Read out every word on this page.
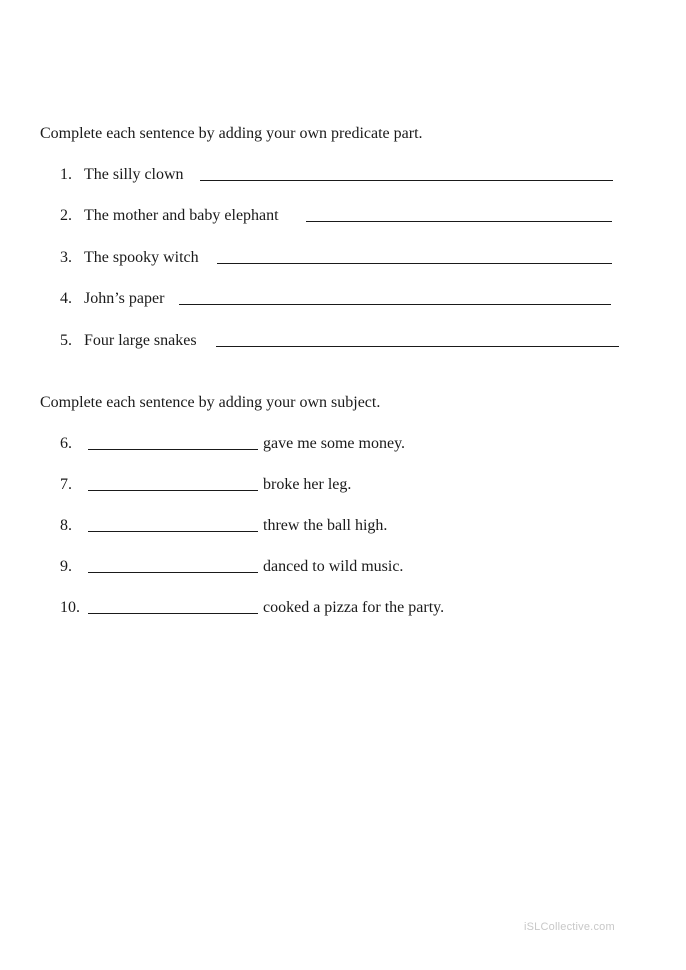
Complete each sentence by adding your own predicate part.
1. The silly clown
2. The mother and baby elephant
3. The spooky witch
4. John’s paper
5. Four large snakes
Complete each sentence by adding your own subject.
6.	gave me some money.
7.	broke her leg.
8.	threw the ball high.
9.	danced to wild music.
10.	cooked a pizza for the party.
iSLCollective.com
